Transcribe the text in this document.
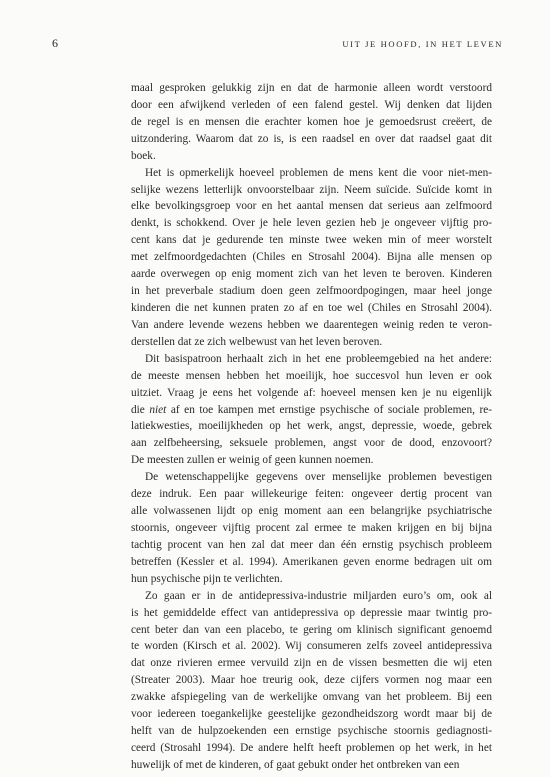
6	UIT JE HOOFD, IN HET LEVEN
maal gesproken gelukkig zijn en dat de harmonie alleen wordt verstoord
door een afwijkend verleden of een falend gestel. Wij denken dat lijden
de regel is en mensen die erachter komen hoe je gemoedsrust creëert, de
uitzondering. Waarom dat zo is, is een raadsel en over dat raadsel gaat dit
boek.
Het is opmerkelijk hoeveel problemen de mens kent die voor niet-men-
selijke wezens letterlijk onvoorstelbaar zijn. Neem suïcide. Suïcide komt in
elke bevolkingsgroep voor en het aantal mensen dat serieus aan zelfmoord
denkt, is schokkend. Over je hele leven gezien heb je ongeveer vijftig pro-
cent kans dat je gedurende ten minste twee weken min of meer worstelt
met zelfmoordgedachten (Chiles en Strosahl 2004). Bijna alle mensen op
aarde overwegen op enig moment zich van het leven te beroven. Kinderen
in het preverbale stadium doen geen zelfmoordpogingen, maar heel jonge
kinderen die net kunnen praten zo af en toe wel (Chiles en Strosahl 2004).
Van andere levende wezens hebben we daarentegen weinig reden te veron-
derstellen dat ze zich welbewust van het leven beroven.
Dit basispatroon herhaalt zich in het ene probleemgebied na het andere:
de meeste mensen hebben het moeilijk, hoe succesvol hun leven er ook
uitziet. Vraag je eens het volgende af: hoeveel mensen ken je nu eigenlijk
die niet af en toe kampen met ernstige psychische of sociale problemen, re-
latiekwesties, moeilijkheden op het werk, angst, depressie, woede, gebrek
aan zelfbeheersing, seksuele problemen, angst voor de dood, enzovoort?
De meesten zullen er weinig of geen kunnen noemen.
De wetenschappelijke gegevens over menselijke problemen bevestigen
deze indruk. Een paar willekeurige feiten: ongeveer dertig procent van
alle volwassenen lijdt op enig moment aan een belangrijke psychiatrische
stoornis, ongeveer vijftig procent zal ermee te maken krijgen en bij bijna
tachtig procent van hen zal dat meer dan één ernstig psychisch probleem
betreffen (Kessler et al. 1994). Amerikanen geven enorme bedragen uit om
hun psychische pijn te verlichten.
Zo gaan er in de antidepressiva-industrie miljarden euro’s om, ook al
is het gemiddelde effect van antidepressiva op depressie maar twintig pro-
cent beter dan van een placebo, te gering om klinisch significant genoemd
te worden (Kirsch et al. 2002). Wij consumeren zelfs zoveel antidepressiva
dat onze rivieren ermee vervuild zijn en de vissen besmetten die wij eten
(Streater 2003). Maar hoe treurig ook, deze cijfers vormen nog maar een
zwakke afspiegeling van de werkelijke omvang van het probleem. Bij een
voor iedereen toegankelijke geestelijke gezondheidszorg wordt maar bij de
helft van de hulpzoekenden een ernstige psychische stoornis gediagnosti-
ceerd (Strosahl 1994). De andere helft heeft problemen op het werk, in het
huwelijk of met de kinderen, of gaat gebukt onder het ontbreken van een
